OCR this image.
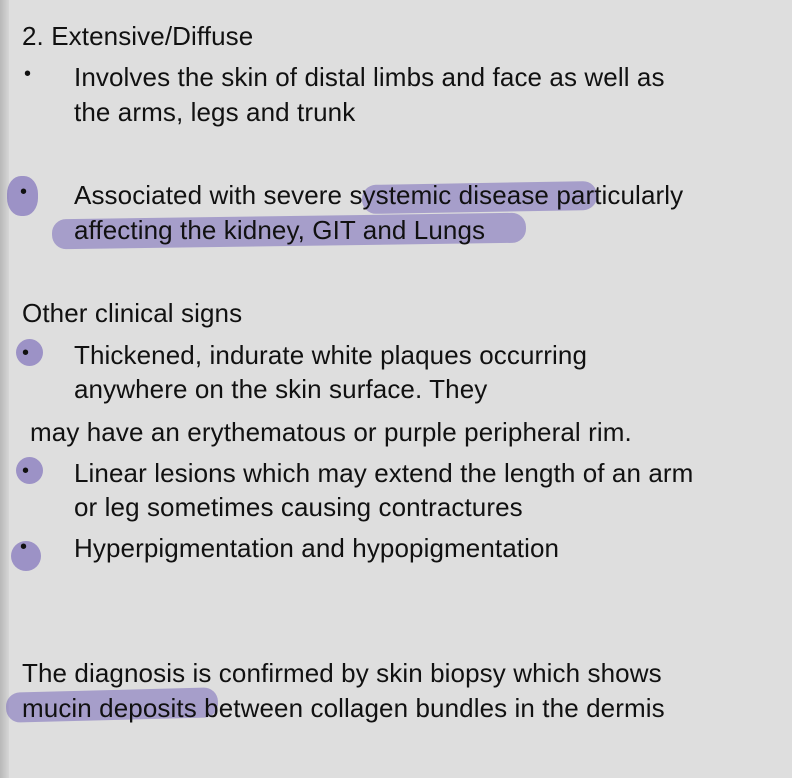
2. Extensive/Diffuse
• Involves the skin of distal limbs and face as well as
the arms, legs and trunk
• Associated with severe systemic disease particularly
affecting the kidney, GIT and Lungs
Other clinical signs
• Thickened, indurate white plaques occurring
anywhere on the skin surface. They
may have an erythematous or purple peripheral rim.
• Linear lesions which may extend the length of an arm
or leg sometimes causing contractures
• Hyperpigmentation and hypopigmentation
The diagnosis is confirmed by skin biopsy which shows
mucin deposits between collagen bundles in the dermis
